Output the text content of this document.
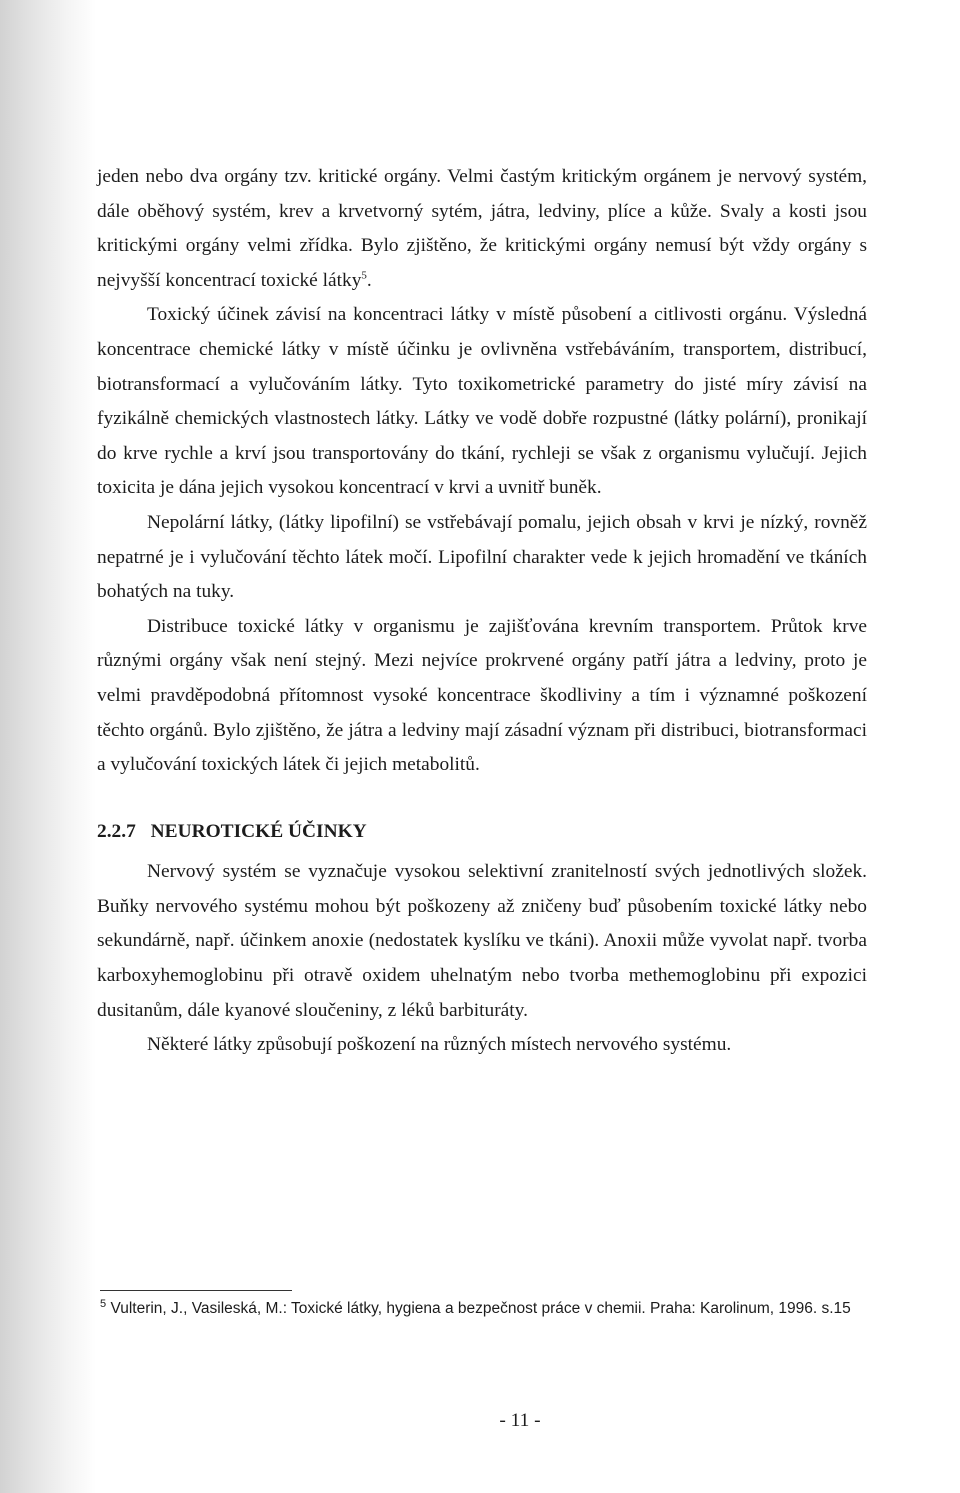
jeden nebo dva orgány tzv. kritické orgány. Velmi častým kritickým orgánem je nervový systém, dále oběhový systém, krev a krvetvorný sytém, játra, ledviny, plíce a kůže. Svaly a kosti jsou kritickými orgány velmi zřídka. Bylo zjištěno, že kritickými orgány nemusí být vždy orgány s nejvyšší koncentrací toxické látky$^5$.

Toxický účinek závisí na koncentraci látky v místě působení a citlivosti orgánu. Výsledná koncentrace chemické látky v místě účinku je ovlivněna vstřebáváním, transportem, distribucí, biotransformací a vylučováním látky. Tyto toxikometrické parametry do jisté míry závisí na fyzikálně chemických vlastnostech látky. Látky ve vodě dobře rozpustné (látky polární), pronikají do krve rychle a krví jsou transportovány do tkání, rychleji se však z organismu vylučují. Jejich toxicita je dána jejich vysokou koncentrací v krvi a uvnitř buněk.

Nepolární látky, (látky lipofilní) se vstřebávají pomalu, jejich obsah v krvi je nízký, rovněž nepatrné je i vylučování těchto látek močí. Lipofilní charakter vede k jejich hromadění ve tkáních bohatých na tuky.

Distribuce toxické látky v organismu je zajišťována krevním transportem. Průtok krve různými orgány však není stejný. Mezi nejvíce prokrvené orgány patří játra a ledviny, proto je velmi pravděpodobná přítomnost vysoké koncentrace škodliviny a tím i významné poškození těchto orgánů. Bylo zjištěno, že játra a ledviny mají zásadní význam při distribuci, biotransformaci a vylučování toxických látek či jejich metabolitů.

2.2.7 NEUROTICKÉ ÚČINKY

Nervový systém se vyznačuje vysokou selektivní zranitelností svých jednotlivých složek. Buňky nervového systému mohou být poškozeny až zničeny buď působením toxické látky nebo sekundárně, např. účinkem anoxie (nedostatek kyslíku ve tkáni). Anoxii může vyvolat např. tvorba karboxyhemoglobinu při otravě oxidem uhelnatým nebo tvorba methemoglobinu při expozici dusitanům, dále kyanové sloučeniny, z léků barbituráty.

Některé látky způsobují poškození na různých místech nervového systému.

$^5$ Vulterin, J., Vasileská, M.: Toxické látky, hygiena a bezpečnost práce v chemii. Praha: Karolinum, 1996. s.15
- 11 -
